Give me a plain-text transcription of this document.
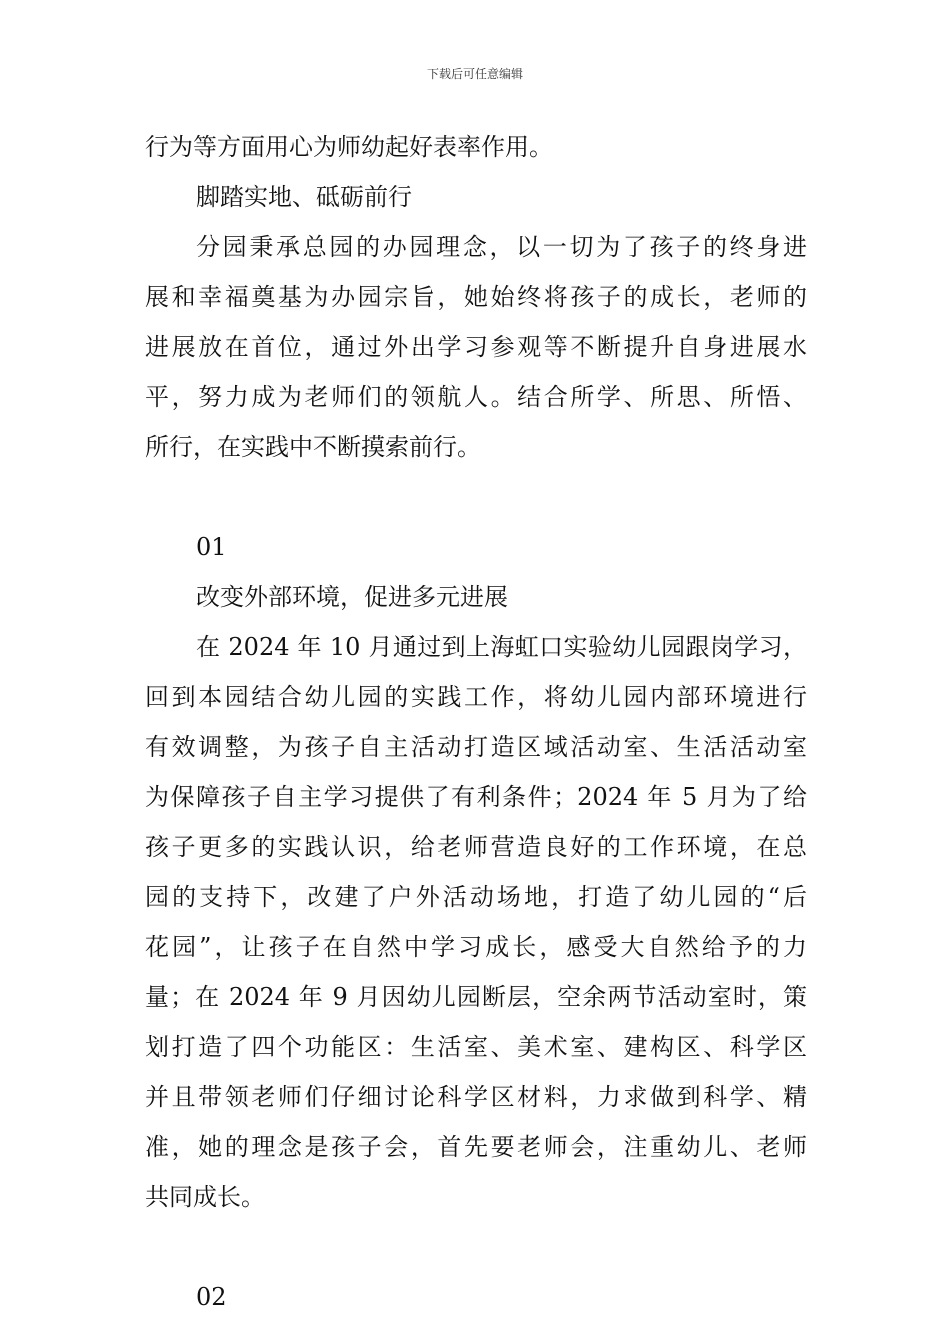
下载后可任意编辑
行为等方面用心为师幼起好表率作用。
脚踏实地、砥砺前行
分园秉承总园的办园理念，以一切为了孩子的终身进
展和幸福奠基为办园宗旨，她始终将孩子的成长，老师的
进展放在首位，通过外出学习参观等不断提升自身进展水
平，努力成为老师们的领航人。结合所学、所思、所悟、
所行，在实践中不断摸索前行。
01
改变外部环境，促进多元进展
在 2024 年 10 月通过到上海虹口实验幼儿园跟岗学习，
回到本园结合幼儿园的实践工作，将幼儿园内部环境进行
有效调整，为孩子自主活动打造区域活动室、生活活动室
为保障孩子自主学习提供了有利条件；2024 年 5 月为了给
孩子更多的实践认识，给老师营造良好的工作环境，在总
园的支持下，改建了户外活动场地，打造了幼儿园的“后
花园”，让孩子在自然中学习成长，感受大自然给予的力
量；在 2024 年 9 月因幼儿园断层，空余两节活动室时，策
划打造了四个功能区：生活室、美术室、建构区、科学区
并且带领老师们仔细讨论科学区材料，力求做到科学、精
准，她的理念是孩子会，首先要老师会，注重幼儿、老师
共同成长。
02
